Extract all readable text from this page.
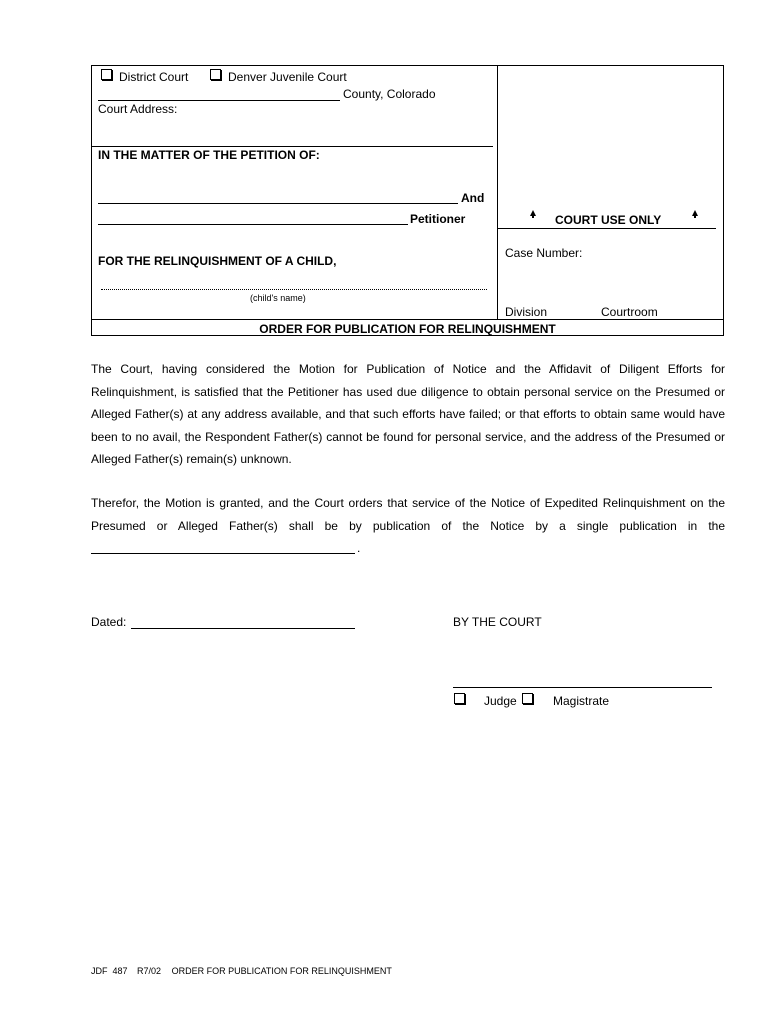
District Court	Denver Juvenile Court
County, Colorado
Court Address:
IN THE MATTER OF THE PETITION OF:
And
Petitioner
FOR THE RELINQUISHMENT OF A CHILD,
(child's name)
COURT USE ONLY
Case Number:
Division	Courtroom
ORDER FOR PUBLICATION FOR RELINQUISHMENT
The Court, having considered the Motion for Publication of Notice and the Affidavit of Diligent Efforts for Relinquishment, is satisfied that the Petitioner has used due diligence to obtain personal service on the Presumed or Alleged Father(s) at any address available, and that such efforts have failed; or that efforts to obtain same would have been to no avail, the Respondent Father(s) cannot be found for personal service, and the address of the Presumed or Alleged Father(s) remain(s) unknown.
Therefor, the Motion is granted, and the Court orders that service of the Notice of Expedited Relinquishment on the Presumed or Alleged Father(s) shall be by publication of the Notice by a single publication in the
.
Dated:	BY THE COURT
Judge	Magistrate
JDF  487 R7/02 ORDER FOR PUBLICATION FOR RELINQUISHMENT
